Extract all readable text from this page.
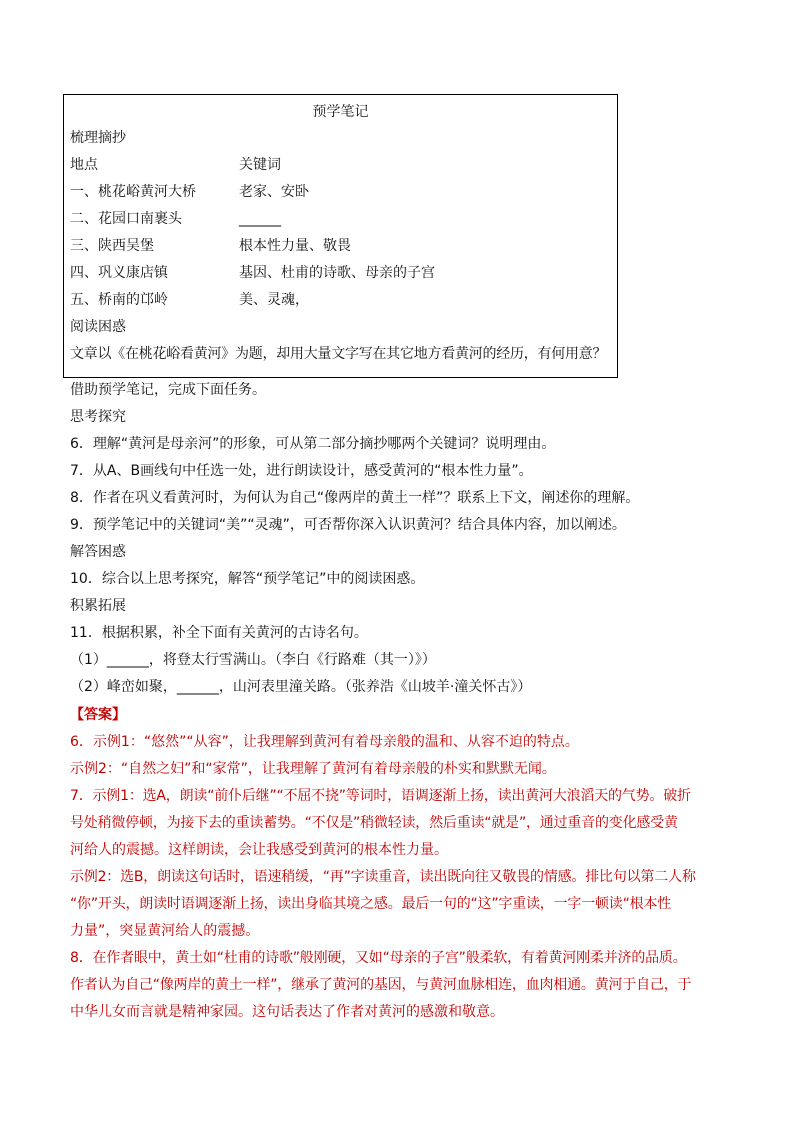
预学笔记
梳理摘抄
地点	关键词
一、桃花峪黄河大桥	老家、安卧
二、花园口南裹头	______
三、陕西吴堡	根本性力量、敬畏
四、巩义康店镇	基因、杜甫的诗歌、母亲的子宫
五、桥南的邙岭	美、灵魂，
阅读困惑
文章以《在桃花峪看黄河》为题，却用大量文字写在其它地方看黄河的经历，有何用意？
借助预学笔记，完成下面任务。
思考探究
6．理解“黄河是母亲河”的形象，可从第二部分摘抄哪两个关键词？说明理由。
7．从A、B画线句中任选一处，进行朗读设计，感受黄河的“根本性力量”。
8．作者在巩义看黄河时，为何认为自己“像两岸的黄土一样”？联系上下文，阐述你的理解。
9．预学笔记中的关键词“美”“灵魂”，可否帮你深入认识黄河？结合具体内容，加以阐述。
解答困惑
10．综合以上思考探究，解答“预学笔记”中的阅读困惑。
积累拓展
11．根据积累，补全下面有关黄河的古诗名句。
（1）______，将登太行雪满山。（李白《行路难（其一）》）
（2）峰峦如聚，______，山河表里潼关路。（张养浩《山坡羊·潼关怀古》）
【答案】
6．示例1：“悠然”“从容”，让我理解到黄河有着母亲般的温和、从容不迫的特点。
示例2：“自然之妇”和“家常”，让我理解了黄河有着母亲般的朴实和默默无闻。
7．示例1：选A，朗读“前仆后继”“不屈不挠”等词时，语调逐渐上扬，读出黄河大浪滔天的气势。破折
号处稍微停顿，为接下去的重读蓄势。“不仅是”稍微轻读，然后重读“就是”，通过重音的变化感受黄
河给人的震撼。这样朗读，会让我感受到黄河的根本性力量。
示例2：选B，朗读这句话时，语速稍缓，“再”字读重音，读出既向往又敬畏的情感。排比句以第二人称
“你”开头，朗读时语调逐渐上扬，读出身临其境之感。最后一句的“这”字重读，一字一顿读“根本性
力量”，突显黄河给人的震撼。
8．在作者眼中，黄土如“杜甫的诗歌”般刚硬，又如“母亲的子宫”般柔软，有着黄河刚柔并济的品质。
作者认为自己“像两岸的黄土一样”，继承了黄河的基因，与黄河血脉相连，血肉相通。黄河于自己，于
中华儿女而言就是精神家园。这句话表达了作者对黄河的感激和敬意。
